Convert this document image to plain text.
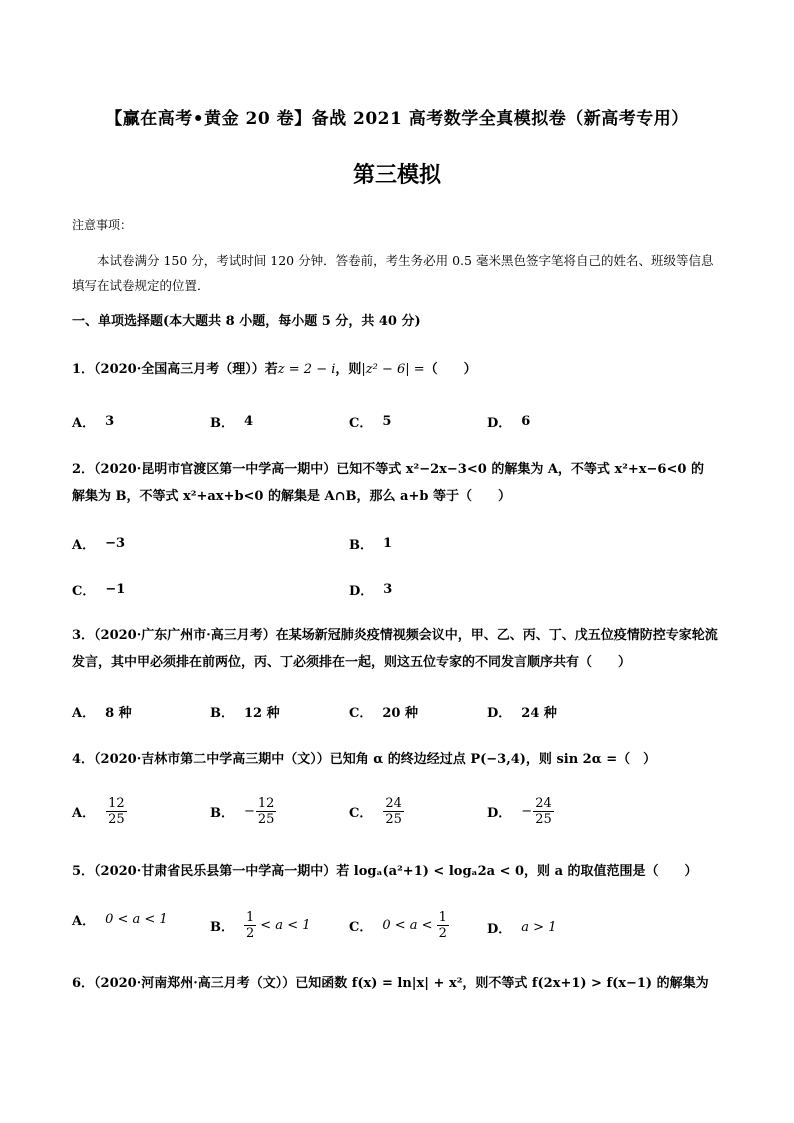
【赢在高考•黄金 20 卷】备战 2021 高考数学全真模拟卷（新高考专用）
第三模拟
注意事项：
本试卷满分 150 分，考试时间 120 分钟．答卷前，考生务必用 0.5 毫米黑色签字笔将自己的姓名、班级等信息填写在试卷规定的位置．
一、单项选择题(本大题共 8 小题，每小题 5 分，共 40 分)
1．（2020·全国高三月考（理））若z = 2 − i，则|z² − 6| =（　　）
A． 3	B． 4	C． 5	D． 6
2．（2020·昆明市官渡区第一中学高一期中）已知不等式 x²−2x−3<0 的解集为 A，不等式 x²+x−6<0 的
解集为 B，不等式 x²+ax+b<0 的解集是 A∩B，那么 a+b 等于（　　）
A． −3	B． 1
C． −1	D． 3
3．（2020·广东广州市·高三月考）在某场新冠肺炎疫情视频会议中，甲、乙、丙、丁、戊五位疫情防控专家轮流
发言，其中甲必须排在前两位，丙、丁必须排在一起，则这五位专家的不同发言顺序共有（　　）
A． 8 种	B． 12 种	C． 20 种	D． 24 种
4．（2020·吉林市第二中学高三期中（文））已知角 α 的终边经过点 P(−3,4)，则 sin 2α =（　）
A． $\frac{12}{25}$	B． − $\frac{12}{25}$	C． $\frac{24}{25}$	D． − $\frac{24}{25}$
5．（2020·甘肃省民乐县第一中学高一期中）若 logₐ(a²+1) < logₐ2a < 0，则 a 的取值范围是（　　）
A． 0 < a < 1
B． $\frac{1}{2} < a < 1$	C． $0 < a < \frac{1}{2}$	D． a > 1
6．（2020·河南郑州·高三月考（文））已知函数 f(x) = ln|x| + x²，则不等式 f(2x+1) > f(x−1) 的解集为
